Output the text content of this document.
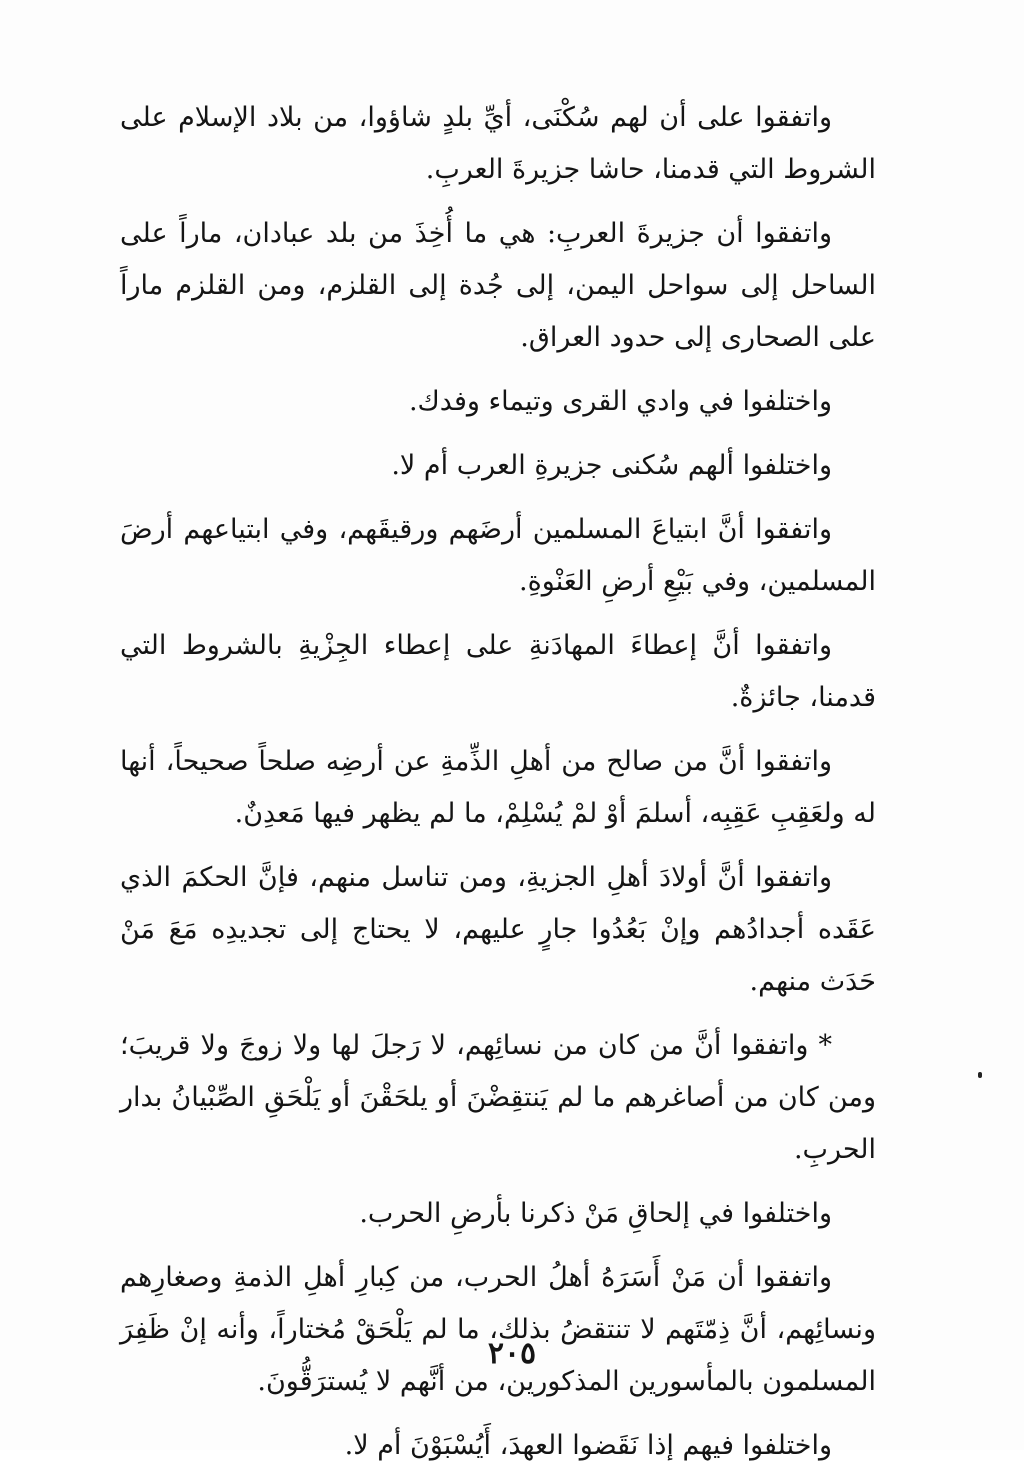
واتفقوا على أن لهم سُكْنَى، أيِّ بلدٍ شاؤوا، من بلاد الإسلام على الشروط التي قدمنا، حاشا جزيرةَ العربِ.

واتفقوا أن جزيرةَ العربِ: هي ما أُخِذَ من بلد عبادان، ماراً على الساحل إلى سواحل اليمن، إلى جُدة إلى القلزم، ومن القلزم ماراً على الصحارى إلى حدود العراق.

واختلفوا في وادي القرى وتيماء وفدك.

واختلفوا ألهم سُكنى جزيرةِ العرب أم لا.

واتفقوا أنَّ ابتياعَ المسلمين أرضَهم ورقيقَهم، وفي ابتياعهم أرضَ المسلمين، وفي بَيْعِ أرضِ العَنْوةِ.

واتفقوا أنَّ إعطاءَ المهادَنةِ على إعطاء الجِزْيةِ بالشروط التي قدمنا، جائزةٌ.

واتفقوا أنَّ من صالح من أهلِ الذِّمةِ عن أرضِه صلحاً صحيحاً، أنها له ولعَقِبِ عَقِبِه، أسلمَ أوْ لمْ يُسْلِمْ، ما لم يظهر فيها مَعدِنٌ.

واتفقوا أنَّ أولادَ أهلِ الجزيةِ، ومن تناسل منهم، فإنَّ الحكمَ الذي عَقَده أجدادُهم وإنْ بَعُدُوا جارٍ عليهم، لا يحتاج إلى تجديدِه مَعَ مَنْ حَدَث منهم.

* واتفقوا أنَّ من كان من نسائِهم، لا رَجلَ لها ولا زوجَ ولا قريبَ؛ ومن كان من أصاغرهم ما لم يَنتقِضْنَ أو يلحَقْنَ أو يَلْحَقِ الصِّبْيانُ بدار الحربِ.

واختلفوا في إلحاقِ مَنْ ذكرنا بأرضِ الحرب.

واتفقوا أن مَنْ أَسَرَهُ أهلُ الحرب، من كِبارِ أهلِ الذمةِ وصغارِهم ونسائِهم، أنَّ ذِمّتَهم لا تنتقضُ بذلك، ما لم يَلْحَقْ مُختاراً، وأنه إنْ ظَفِرَ المسلمون بالمأسورين المذكورين، من أنَّهم لا يُسترَقُّونَ.

واختلفوا فيهم إذا نَقَضوا العهدَ، أَيُسْبَوْنَ أم لا.

٢٠٥
